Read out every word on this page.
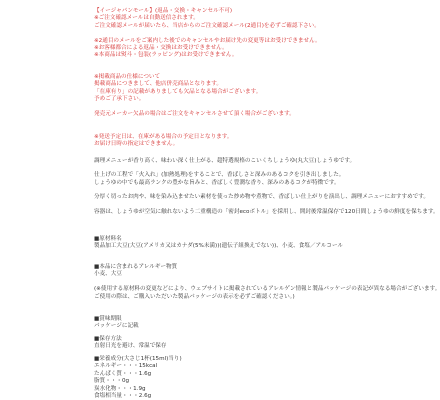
【イージャパンモール】(返品・交換・キャンセル不可)
※ご注文確認メールは自動送信されます。
ご注文確認メールが届いたら、当店からのご注文確認メール(2通目)を必ずご確認下さい。

※2通目のメールをご案内した後でのキャンセルやお届け先の変更等はお受けできません。
※お客様都合による返品・交換はお受けできません。
※本商品は熨斗・包装(ラッピング)はお受けできません。
※掲載商品の仕様について
掲載商品につきまして、他店併売商品となります。
「在庫有り」の記載がありましても欠品となる場合がございます。
予めご了承下さい。

発売元メーカー欠品の場合はご注文をキャンセルさせて頂く場合がございます。
※発送予定日は、在庫がある場合の予定日となります。
お届け日時の指定はできません。
調理メニューが香り高く、味わい深く仕上がる、超特選規格のこいくちしょうゆ(丸大豆)しょうゆです。
仕上げの工程で「火入れ」(加熱処理)をすることで、香ばしさと深みのあるコクを引き出しました。
しょうゆの中でも最高ランクの豊かな旨みと、香ばしく豊潤な香り、深みのあるコクが特徴です。
分厚く切ったお肉や、味を染み込ませたい素材を使った炒め物や煮物で、香ばしい仕上がりを演出し、調理メニューにおすすめです。
容器は、しょうゆが空気に触れないよう二重構造の「密封ecoボトル」を採用し、開封後常温保存で120日間しょうゆの鮮度を保ちます。
■原材料名
製品加工大豆(大豆(アメリカ又はカナダ(5%未満))(遺伝子組換えでない))、小麦、食塩／アルコール
■本品に含まれるアレルギー物質
小麦、大豆

(※使用する原材料の変更などにより、ウェブサイトに掲載されているアレルゲン情報と製品パッケージの表記が異なる場合がございます。
ご使用の際は、ご購入いただいた製品パッケージの表示を必ずご確認ください。)
■賞味期限
パッケージに記載
■保存方法
直射日光を避け、常温で保存
■栄養成分(大さじ1杯(15ml)当り)
エネルギー・・・15kcal
たんぱく質・・・1.6g
脂質・・・0g
炭水化物・・・1.9g
食塩相当量・・・2.6g
